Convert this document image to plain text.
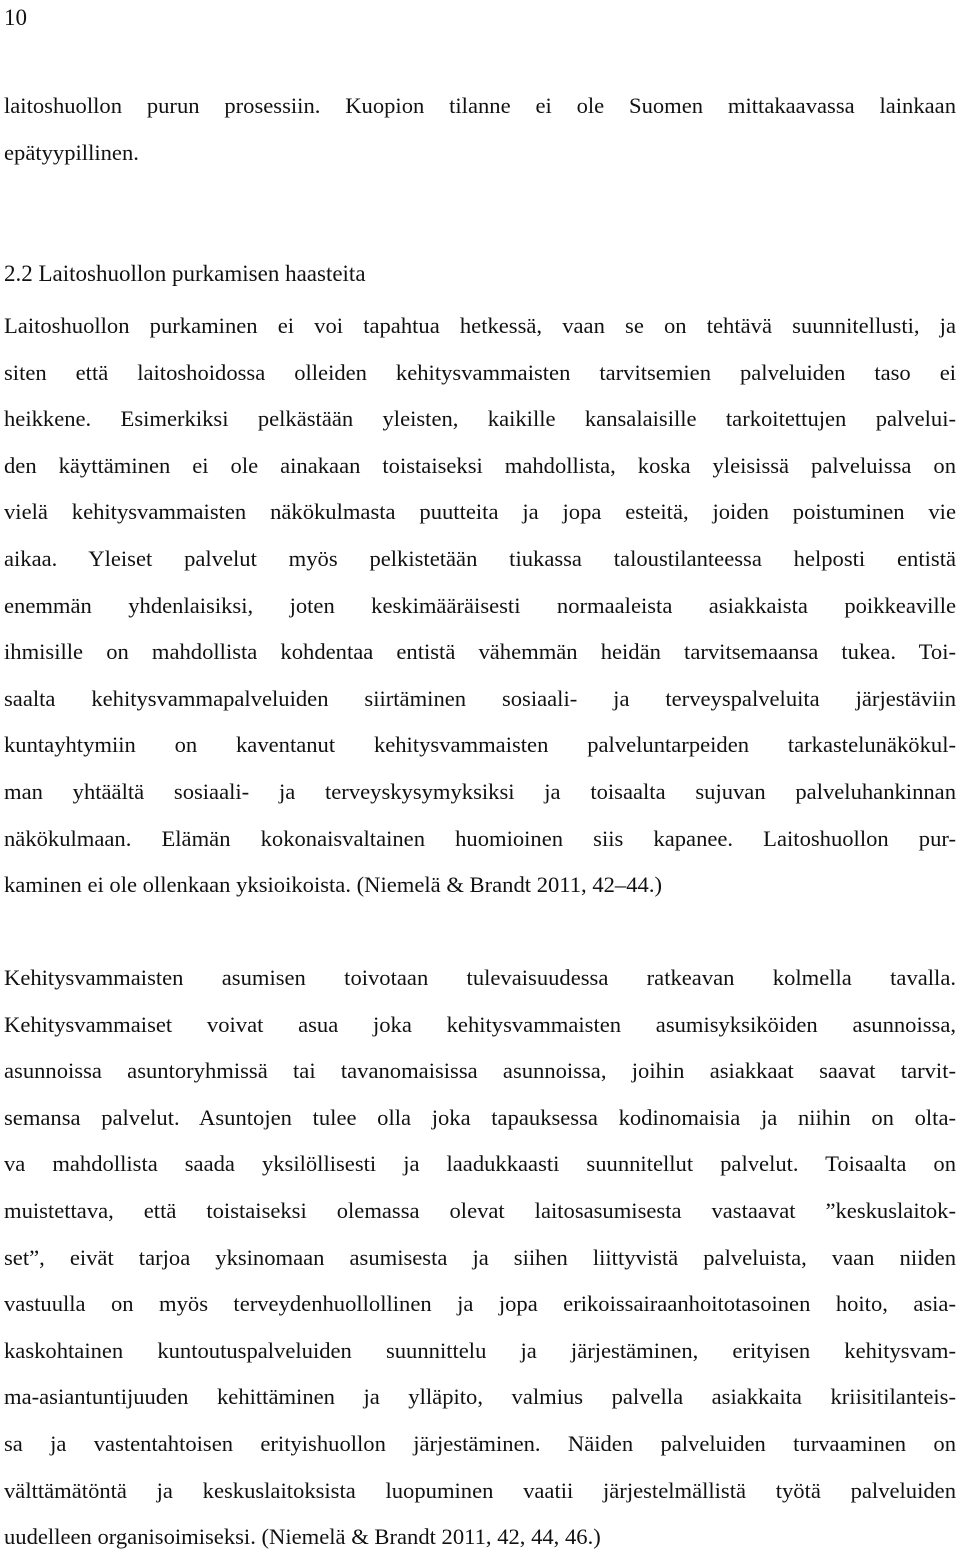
10
laitoshuollon purun prosessiin. Kuopion tilanne ei ole Suomen mittakaavassa lainkaan
epätyypillinen.
2.2 Laitoshuollon purkamisen haasteita
Laitoshuollon purkaminen ei voi tapahtua hetkessä, vaan se on tehtävä suunnitellusti, ja
siten että laitoshoidossa olleiden kehitysvammaisten tarvitsemien palveluiden taso ei
heikkene. Esimerkiksi pelkästään yleisten, kaikille kansalaisille tarkoitettujen palvelui-
den käyttäminen ei ole ainakaan toistaiseksi mahdollista, koska yleisissä palveluissa on
vielä kehitysvammaisten näkökulmasta puutteita ja jopa esteitä, joiden poistuminen vie
aikaa. Yleiset palvelut myös pelkistetään tiukassa taloustilanteessa helposti entistä
enemmän yhdenlaisiksi, joten keskimääräisesti normaaleista asiakkaista poikkeaville
ihmisille on mahdollista kohdentaa entistä vähemmän heidän tarvitsemaansa tukea. Toi-
saalta kehitysvammapalveluiden siirtäminen sosiaali- ja terveyspalveluita järjestäviin
kuntayhtymiin on kaventanut kehitysvammaisten palveluntarpeiden tarkastelunäkökul-
man yhtäältä sosiaali- ja terveyskysymyksiksi ja toisaalta sujuvan palveluhankinnan
näkökulmaan. Elämän kokonaisvaltainen huomioinen siis kapanee. Laitoshuollon pur-
kaminen ei ole ollenkaan yksioikoista. (Niemelä & Brandt 2011, 42–44.)
Kehitysvammaisten asumisen toivotaan tulevaisuudessa ratkeavan kolmella tavalla.
Kehitysvammaiset voivat asua joka kehitysvammaisten asumisyksiköiden asunnoissa,
asunnoissa asuntoryhmissä tai tavanomaisissa asunnoissa, joihin asiakkaat saavat tarvit-
semansa palvelut. Asuntojen tulee olla joka tapauksessa kodinomaisia ja niihin on olta-
va mahdollista saada yksilöllisesti ja laadukkaasti suunnitellut palvelut. Toisaalta on
muistettava, että toistaiseksi olemassa olevat laitosasumisesta vastaavat ”keskuslaitok-
set”, eivät tarjoa yksinomaan asumisesta ja siihen liittyvistä palveluista, vaan niiden
vastuulla on myös terveydenhuollollinen ja jopa erikoissairaanhoitotasoinen hoito, asia-
kaskohtainen kuntoutuspalveluiden suunnittelu ja järjestäminen, erityisen kehitysvam-
ma-asiantuntijuuden kehittäminen ja ylläpito, valmius palvella asiakkaita kriisitilanteis-
sa ja vastentahtoisen erityishuollon järjestäminen. Näiden palveluiden turvaaminen on
välttämätöntä ja keskuslaitoksista luopuminen vaatii järjestelmällistä työtä palveluiden
uudelleen organisoimiseksi. (Niemelä & Brandt 2011, 42, 44, 46.)
